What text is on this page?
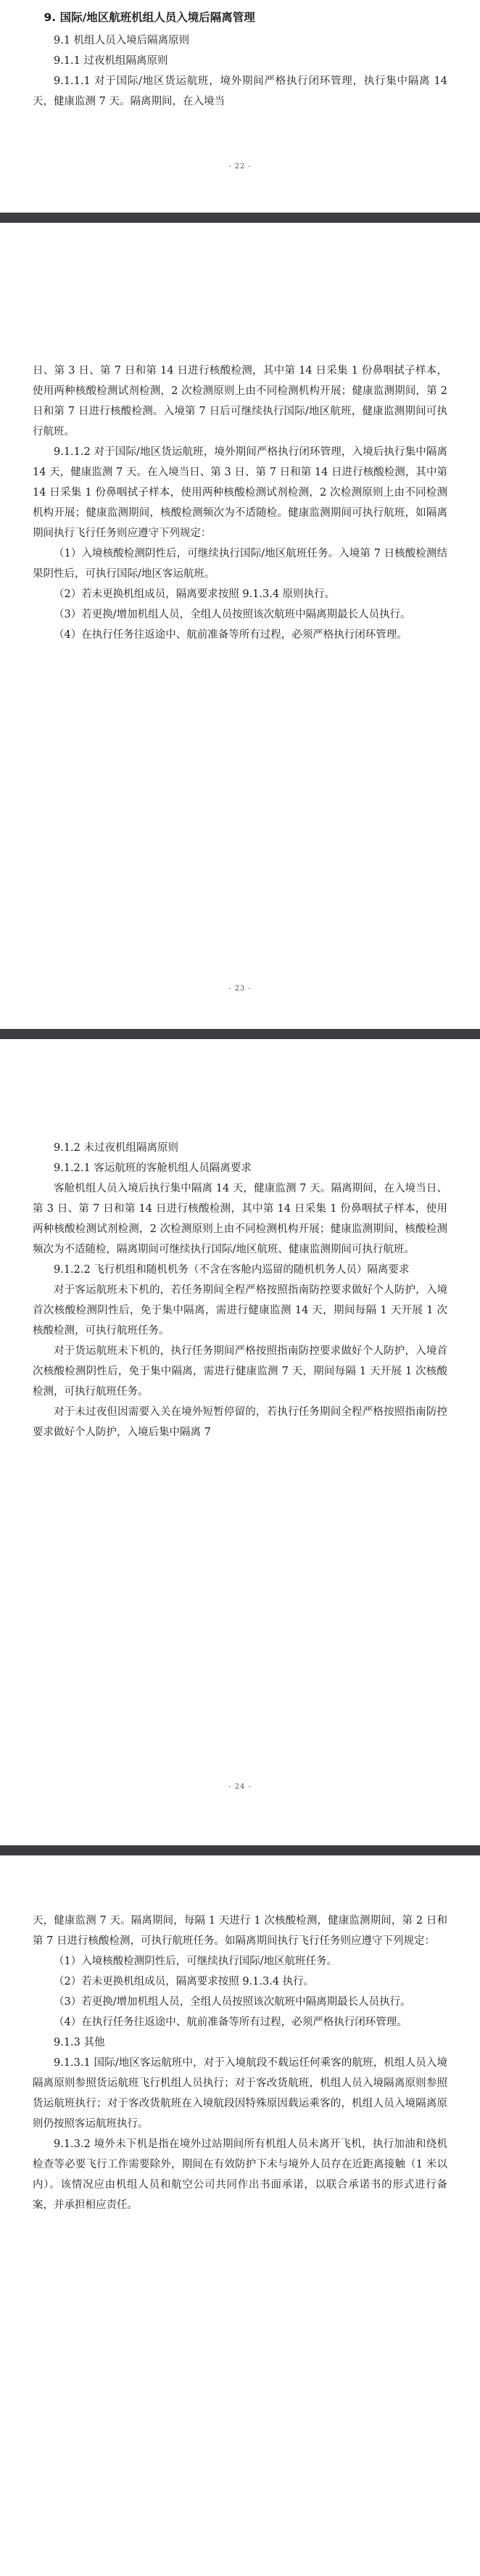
9. 国际/地区航班机组人员入境后隔离管理

9.1 机组人员入境后隔离原则

9.1.1 过夜机组隔离原则

9.1.1.1 对于国际/地区货运航班，境外期间严格执行闭环管理，执行集中隔离 14 天，健康监测 7 天。隔离期间，在入境当

- 22 -

日、第 3 日、第 7 日和第 14 日进行核酸检测，其中第 14 日采集 1 份鼻咽拭子样本，使用两种核酸检测试剂检测，2 次检测原则上由不同检测机构开展；健康监测期间，第 2 日和第 7 日进行核酸检测。入境第 7 日后可继续执行国际/地区航班，健康监测期间可执行航班。

9.1.1.2 对于国际/地区货运航班，境外期间严格执行闭环管理，入境后执行集中隔离 14 天，健康监测 7 天。在入境当日、第 3 日、第 7 日和第 14 日进行核酸检测，其中第 14 日采集 1 份鼻咽拭子样本，使用两种核酸检测试剂检测，2 次检测原则上由不同检测机构开展；健康监测期间，核酸检测频次为不适随检。健康监测期间可执行航班，如隔离期间执行飞行任务则应遵守下列规定：

（1）入境核酸检测阴性后，可继续执行国际/地区航班任务。入境第 7 日核酸检测结果阴性后，可执行国际/地区客运航班。

（2）若未更换机组成员，隔离要求按照 9.1.3.4 原则执行。

（3）若更换/增加机组人员，全组人员按照该次航班中隔离期最长人员执行。

（4）在执行任务往返途中、航前准备等所有过程，必须严格执行闭环管理。

- 23 -

9.1.2 未过夜机组隔离原则

9.1.2.1 客运航班的客舱机组人员隔离要求

客舱机组人员入境后执行集中隔离 14 天，健康监测 7 天。隔离期间，在入境当日、第 3 日、第 7 日和第 14 日进行核酸检测，其中第 14 日采集 1 份鼻咽拭子样本，使用两种核酸检测试剂检测，2 次检测原则上由不同检测机构开展；健康监测期间，核酸检测频次为不适随检，隔离期间可继续执行国际/地区航班、健康监测期间可执行航班。

9.1.2.2 飞行机组和随机机务（不含在客舱内巡留的随机机务人员）隔离要求

对于客运航班未下机的，若任务期间全程严格按照指南防控要求做好个人防护，入境首次核酸检测阴性后，免于集中隔离，需进行健康监测 14 天，期间每隔 1 天开展 1 次核酸检测，可执行航班任务。

对于货运航班未下机的，执行任务期间严格按照指南防控要求做好个人防护，入境首次核酸检测阴性后，免于集中隔离，需进行健康监测 7 天，期间每隔 1 天开展 1 次核酸检测，可执行航班任务。

对于未过夜但因需要入关在境外短暂停留的，若执行任务期间全程严格按照指南防控要求做好个人防护，入境后集中隔离 7

- 24 -

天，健康监测 7 天。隔离期间，每隔 1 天进行 1 次核酸检测，健康监测期间，第 2 日和第 7 日进行核酸检测，可执行航班任务。如隔离期间执行飞行任务则应遵守下列规定：

（1）入境核酸检测阴性后，可继续执行国际/地区航班任务。

（2）若未更换机组成员，隔离要求按照 9.1.3.4 执行。

（3）若更换/增加机组人员，全组人员按照该次航班中隔离期最长人员执行。

（4）在执行任务往返途中、航前准备等所有过程，必须严格执行闭环管理。

9.1.3 其他

9.1.3.1 国际/地区客运航班中，对于入境航段不载运任何乘客的航班，机组人员入境隔离原则参照货运航班飞行机组人员执行；对于客改货航班，机组人员入境隔离原则参照货运航班执行；对于客改货航班在入境航段因特殊原因载运乘客的，机组人员入境隔离原则仍按照客运航班执行。

9.1.3.2 境外未下机是指在境外过站期间所有机组人员未离开飞机，执行加油和绕机检查等必要飞行工作需要除外，期间在有效防护下未与境外人员存在近距离接触（1 米以内）。该情况应由机组人员和航空公司共同作出书面承诺，以联合承诺书的形式进行备案，并承担相应责任。
